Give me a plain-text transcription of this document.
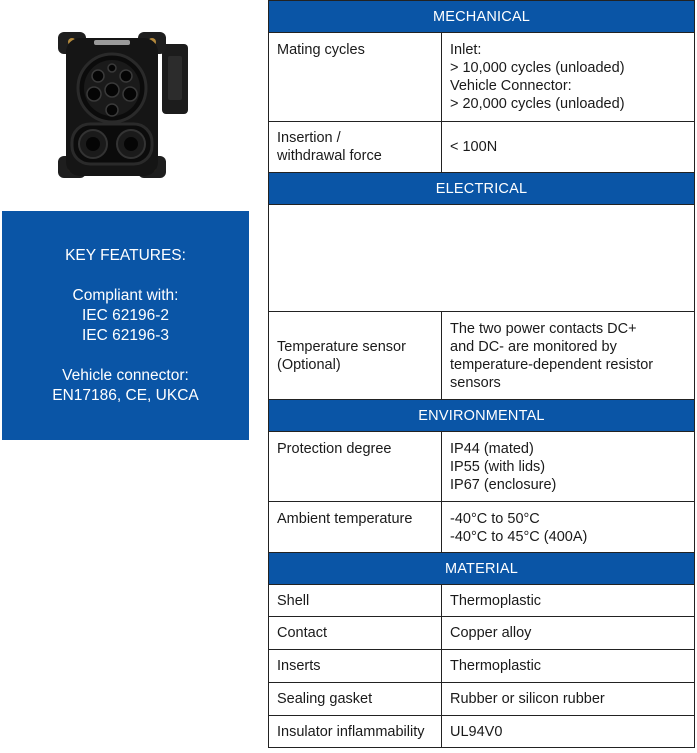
KEY FEATURES:
Compliant with:
IEC 62196-2
IEC 62196-3
Vehicle connector:
EN17186, CE, UKCA
MECHANICAL	
Mating cycles	Inlet:
> 10,000 cycles (unloaded)
Vehicle Connector:
> 20,000 cycles (unloaded)

Insertion /
withdrawal force	< 100N
ELECTRICAL	

Temperature sensor
(Optional)	The two power contacts DC+
and DC- are monitored by
temperature-dependent resistor
sensors

ENVIRONMENTAL	
Protection degree	IP44 (mated)
IP55 (with lids)
IP67 (enclosure)

Ambient temperature	-40°C to 50°C
-40°C to 45°C (400A)

MATERIAL	
Shell	Thermoplastic
Contact	Copper alloy
Inserts	Thermoplastic
Sealing gasket	Rubber or silicon rubber
Insulator inflammability	UL94V0
